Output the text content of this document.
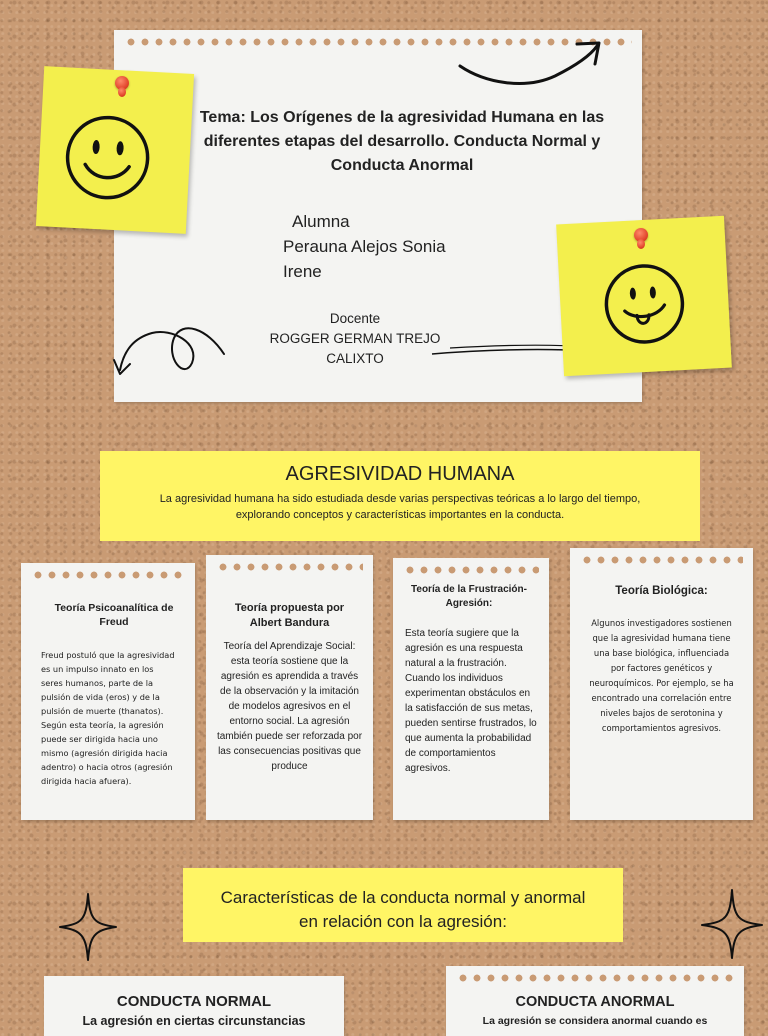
Tema: Los Orígenes de la agresividad Humana en las diferentes etapas del desarrollo. Conducta Normal y Conducta Anormal
Alumna
Perauna Alejos Sonia
Irene
Docente
ROGGER GERMAN TREJO
CALIXTO
AGRESIVIDAD HUMANA
La agresividad humana ha sido estudiada desde varias perspectivas teóricas a lo largo del tiempo, explorando conceptos y características importantes en la conducta.
Teoría Psicoanalítica de Freud
Freud postuló que la agresividad es un impulso innato en los seres humanos, parte de la pulsión de vida (eros) y de la pulsión de muerte (thanatos). Según esta teoría, la agresión puede ser dirigida hacia uno mismo (agresión dirigida hacia adentro) o hacia otros (agresión dirigida hacia afuera).
Teoría propuesta por Albert Bandura
Teoría del Aprendizaje Social: esta teoría sostiene que la agresión es aprendida a través de la observación y la imitación de modelos agresivos en el entorno social. La agresión también puede ser reforzada por las consecuencias positivas que produce
Teoría de la Frustración-Agresión:
Esta teoría sugiere que la agresión es una respuesta natural a la frustración. Cuando los individuos experimentan obstáculos en la satisfacción de sus metas, pueden sentirse frustrados, lo que aumenta la probabilidad de comportamientos agresivos.
Teoría Biológica:
Algunos investigadores sostienen que la agresividad humana tiene una base biológica, influenciada por factores genéticos y neuroquímicos. Por ejemplo, se ha encontrado una correlación entre niveles bajos de serotonina y comportamientos agresivos.
Características de la conducta normal y anormal
en relación con la agresión:
CONDUCTA NORMAL
La agresión en ciertas circunstancias
CONDUCTA ANORMAL
La agresión se considera anormal cuando es
